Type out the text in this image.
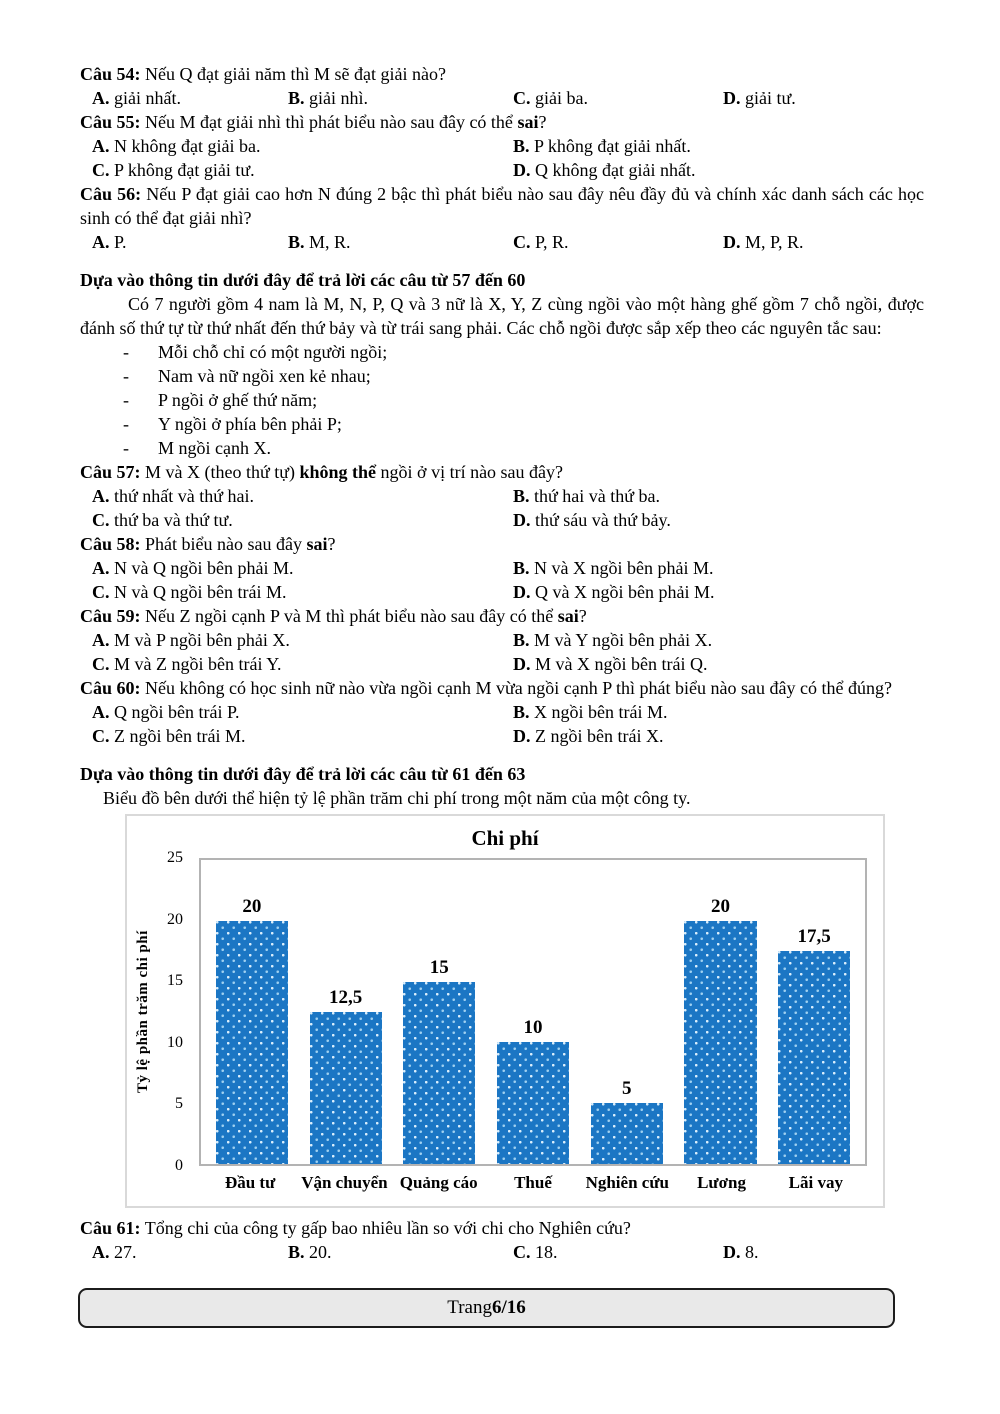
Câu 54: Nếu Q đạt giải năm thì M sẽ đạt giải nào?
A. giải nhất.	B. giải nhì.	C. giải ba.	D. giải tư.
Câu 55: Nếu M đạt giải nhì thì phát biểu nào sau đây có thể sai?
A. N không đạt giải ba.	B. P không đạt giải nhất.
C. P không đạt giải tư.	D. Q không đạt giải nhất.
Câu 56: Nếu P đạt giải cao hơn N đúng 2 bậc thì phát biểu nào sau đây nêu đầy đủ và chính xác danh sách các học sinh có thể đạt giải nhì?
A. P.	B. M, R.	C. P, R.	D. M, P, R.
Dựa vào thông tin dưới đây để trả lời các câu từ 57 đến 60
Có 7 người gồm 4 nam là M, N, P, Q và 3 nữ là X, Y, Z cùng ngồi vào một hàng ghế gồm 7 chỗ ngồi, được đánh số thứ tự từ thứ nhất đến thứ bảy và từ trái sang phải. Các chỗ ngồi được sắp xếp theo các nguyên tắc sau:
-	Mỗi chỗ chỉ có một người ngồi;
-	Nam và nữ ngồi xen kẻ nhau;
-	P ngồi ở ghế thứ năm;
-	Y ngồi ở phía bên phải P;
-	M ngồi cạnh X.
Câu 57: M và X (theo thứ tự) không thể ngồi ở vị trí nào sau đây?
A. thứ nhất và thứ hai.	B. thứ hai và thứ ba.
C. thứ ba và thứ tư.	D. thứ sáu và thứ bảy.
Câu 58: Phát biểu nào sau đây sai?
A. N và Q ngồi bên phải M.	B. N và X ngồi bên phải M.
C. N và Q ngồi bên trái M.	D. Q và X ngồi bên phải M.
Câu 59: Nếu Z ngồi cạnh P và M thì phát biểu nào sau đây có thể sai?
A. M và P ngồi bên phải X.	B. M và Y ngồi bên phải X.
C. M và Z ngồi bên trái Y.	D. M và X ngồi bên trái Q.
Câu 60: Nếu không có học sinh nữ nào vừa ngồi cạnh M vừa ngồi cạnh P thì phát biểu nào sau đây có thể đúng?
A. Q ngồi bên trái P.	B. X ngồi bên trái M.
C. Z ngồi bên trái M.	D. Z ngồi bên trái X.
Dựa vào thông tin dưới đây để trả lời các câu từ 61 đến 63
Biểu đồ bên dưới thể hiện tỷ lệ phần trăm chi phí trong một năm của một công ty.
Chi phí
Tỷ lệ phần trăm chi phí
0
5
10
15
20
25
20
12,5
15
10
5
20
17,5
Đầu tư	Vận chuyển Quảng cáo	Thuế	Nghiên cứu	Lương	Lãi vay
Câu 61: Tổng chi của công ty gấp bao nhiêu lần so với chi cho Nghiên cứu?
A. 27.	B. 20.	C. 18.	D. 8.
Trang 6/16
